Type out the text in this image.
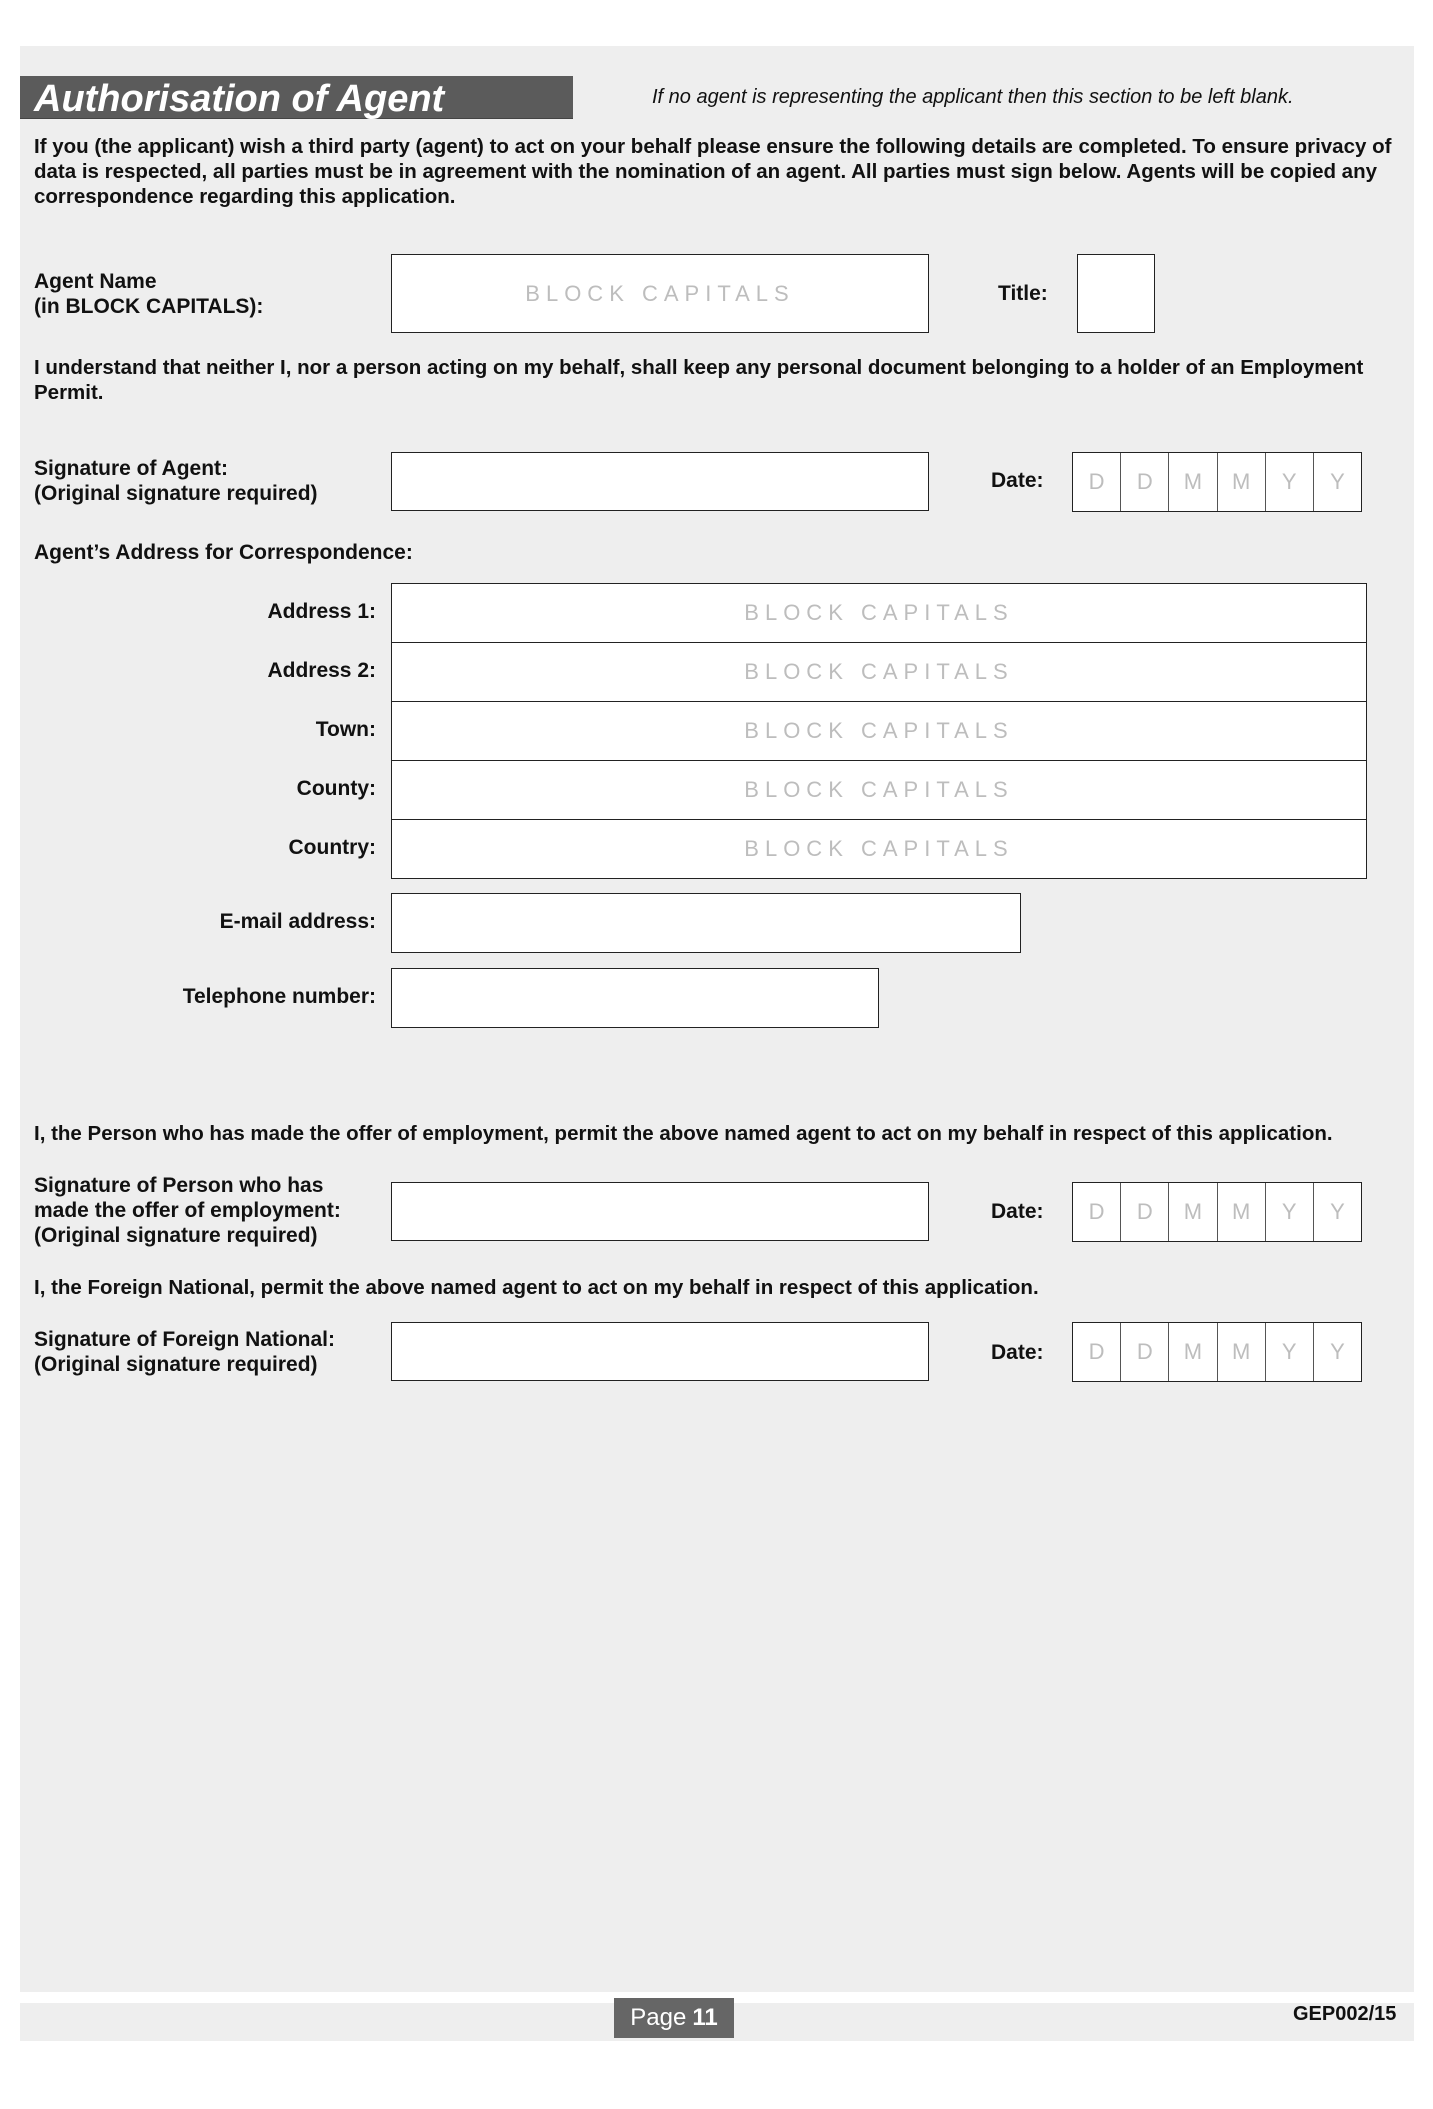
Authorisation of Agent	If no agent is representing the applicant then this section to be left blank.
If you (the applicant) wish a third party (agent) to act on your behalf please ensure the following details are completed. To ensure privacy of data is respected, all parties must be in agreement with the nomination of an agent. All parties must sign below. Agents will be copied any correspondence regarding this application.
Agent Name
(in BLOCK CAPITALS):
BLOCK CAPITALS	Title:
I understand that neither I, nor a person acting on my behalf, shall keep any personal document belonging to a holder of an Employment Permit.
Signature of Agent:
(Original signature required)
Date:	D	D	M	M	Y	Y
Agent’s Address for Correspondence:
Address 1:	BLOCK CAPITALS
Address 2:	BLOCK CAPITALS
Town:	BLOCK CAPITALS
County:	BLOCK CAPITALS
Country:	BLOCK CAPITALS
E-mail address:
Telephone number:
I, the Person who has made the offer of employment, permit the above named agent to act on my behalf in respect of this application.
Signature of Person who has
made the offer of employment:
(Original signature required)
Date:	D	D	M	M	Y	Y
I, the Foreign National, permit the above named agent to act on my behalf in respect of this application.
Signature of Foreign National:
(Original signature required)
Date:	D	D	M	M	Y	Y
Page 11	GEP002/15
